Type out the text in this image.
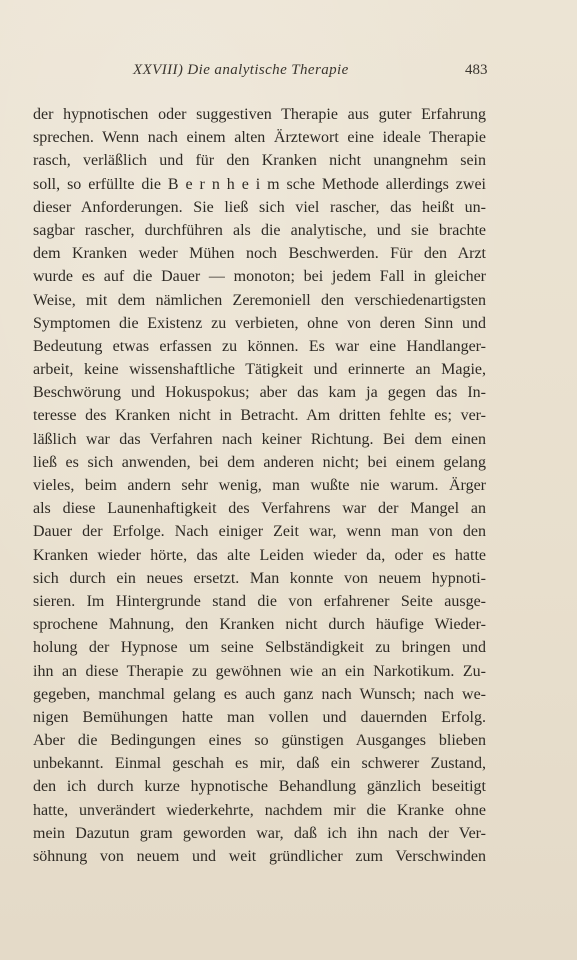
XXVIII) Die analytische Therapie	483
der hypnotischen oder suggestiven Therapie aus guter Erfahrung
sprechen. Wenn nach einem alten Ärztewort eine ideale Therapie
rasch, verläßlich und für den Kranken nicht unangnehm sein
soll, so erfüllte die B e r n h e i m sche Methode allerdings zwei
dieser Anforderungen. Sie ließ sich viel rascher, das heißt un-
sagbar rascher, durchführen als die analytische, und sie brachte
dem Kranken weder Mühen noch Beschwerden. Für den Arzt
wurde es auf die Dauer — monoton; bei jedem Fall in gleicher
Weise, mit dem nämlichen Zeremoniell den verschiedenartigsten
Symptomen die Existenz zu verbieten, ohne von deren Sinn und
Bedeutung etwas erfassen zu können. Es war eine Handlanger-
arbeit, keine wissenshaftliche Tätigkeit und erinnerte an Magie,
Beschwörung und Hokuspokus; aber das kam ja gegen das In-
teresse des Kranken nicht in Betracht. Am dritten fehlte es; ver-
läßlich war das Verfahren nach keiner Richtung. Bei dem einen
ließ es sich anwenden, bei dem anderen nicht; bei einem gelang
vieles, beim andern sehr wenig, man wußte nie warum. Ärger
als diese Launenhaftigkeit des Verfahrens war der Mangel an
Dauer der Erfolge. Nach einiger Zeit war, wenn man von den
Kranken wieder hörte, das alte Leiden wieder da, oder es hatte
sich durch ein neues ersetzt. Man konnte von neuem hypnoti-
sieren. Im Hintergrunde stand die von erfahrener Seite ausge-
sprochene Mahnung, den Kranken nicht durch häufige Wieder-
holung der Hypnose um seine Selbständigkeit zu bringen und
ihn an diese Therapie zu gewöhnen wie an ein Narkotikum. Zu-
gegeben, manchmal gelang es auch ganz nach Wunsch; nach we-
nigen Bemühungen hatte man vollen und dauernden Erfolg.
Aber die Bedingungen eines so günstigen Ausganges blieben
unbekannt. Einmal geschah es mir, daß ein schwerer Zustand,
den ich durch kurze hypnotische Behandlung gänzlich beseitigt
hatte, unverändert wiederkehrte, nachdem mir die Kranke ohne
mein Dazutun gram geworden war, daß ich ihn nach der Ver-
söhnung von neuem und weit gründlicher zum Verschwinden
